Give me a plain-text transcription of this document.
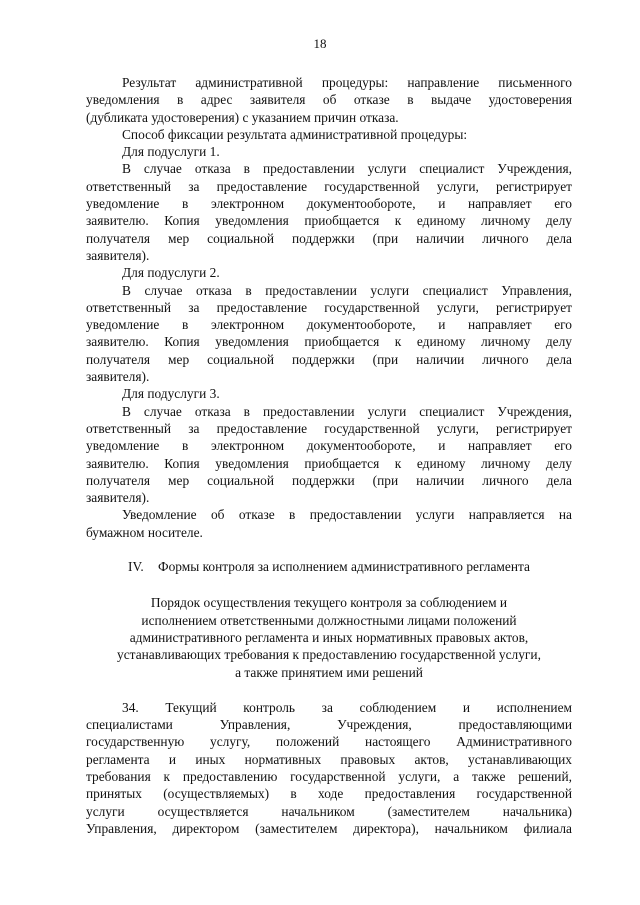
18

Результат административной процедуры: направление письменного

уведомления в адрес заявителя об отказе в выдаче удостоверения

(дубликата удостоверения) с указанием причин отказа.

Способ фиксации результата административной процедуры:

Для подуслуги 1.

В случае отказа в предоставлении услуги специалист Учреждения,

ответственный за предоставление государственной услуги, регистрирует

уведомление в электронном документообороте, и направляет его

заявителю. Копия уведомления приобщается к единому личному делу

получателя мер социальной поддержки (при наличии личного дела

заявителя).

Для подуслуги 2.

В случае отказа в предоставлении услуги специалист Управления,

ответственный за предоставление государственной услуги, регистрирует

уведомление в электронном документообороте, и направляет его

заявителю. Копия уведомления приобщается к единому личному делу

получателя мер социальной поддержки (при наличии личного дела

заявителя).

Для подуслуги 3.

В случае отказа в предоставлении услуги специалист Учреждения,

ответственный за предоставление государственной услуги, регистрирует

уведомление в электронном документообороте, и направляет его

заявителю. Копия уведомления приобщается к единому личному делу

получателя мер социальной поддержки (при наличии личного дела

заявителя).

Уведомление об отказе в предоставлении услуги направляется на

бумажном носителе.

IV. Формы контроля за исполнением административного регламента
Порядок осуществления текущего контроля за соблюдением и
исполнением ответственными должностными лицами положений
административного регламента и иных нормативных правовых актов,
устанавливающих требования к предоставлению государственной услуги,
а также принятием ими решений

34. Текущий контроль за соблюдением и исполнением

специалистами Управления, Учреждения, предоставляющими

государственную услугу, положений настоящего Административного

регламента и иных нормативных правовых актов, устанавливающих

требования к предоставлению государственной услуги, а также решений,

принятых (осуществляемых) в ходе предоставления государственной

услуги осуществляется начальником (заместителем начальника)

Управления, директором (заместителем директора), начальником филиала
